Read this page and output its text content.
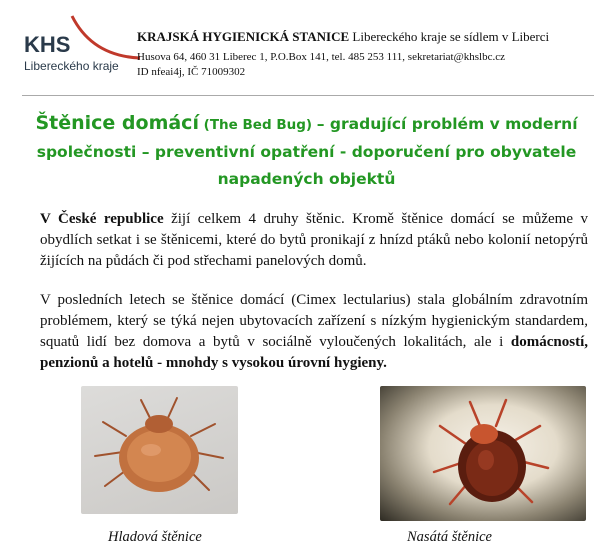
KHS
Libereckého kraje
KRAJSKÁ HYGIENICKÁ STANICE Libereckého kraje se sídlem v Liberci
Husova 64, 460 31 Liberec 1, P.O.Box 141, tel. 485 253 111, sekretariat@khslbc.cz
ID nfeai4j, IČ 71009302
Štěnice domácí (The Bed Bug) – gradující problém v moderní společnosti – preventivní opatření - doporučení pro obyvatele napadených objektů
V České republice žijí celkem 4 druhy štěnic. Kromě štěnice domácí se můžeme v obydlích setkat i se štěnicemi, které do bytů pronikají z hnízd ptáků nebo kolonií netopýrů žijících na půdách či pod střechami panelových domů.
V posledních letech se štěnice domácí (Cimex lectularius) stala globálním zdravotním problémem, který se týká nejen ubytovacích zařízení s nízkým hygienickým standardem, squatů lidí bez domova a bytů v sociálně vyloučených lokalitách, ale i domácností, penzionů a hotelů - mnohdy s vysokou úrovní hygieny.
Hladová štěnice	Nasátá štěnice
